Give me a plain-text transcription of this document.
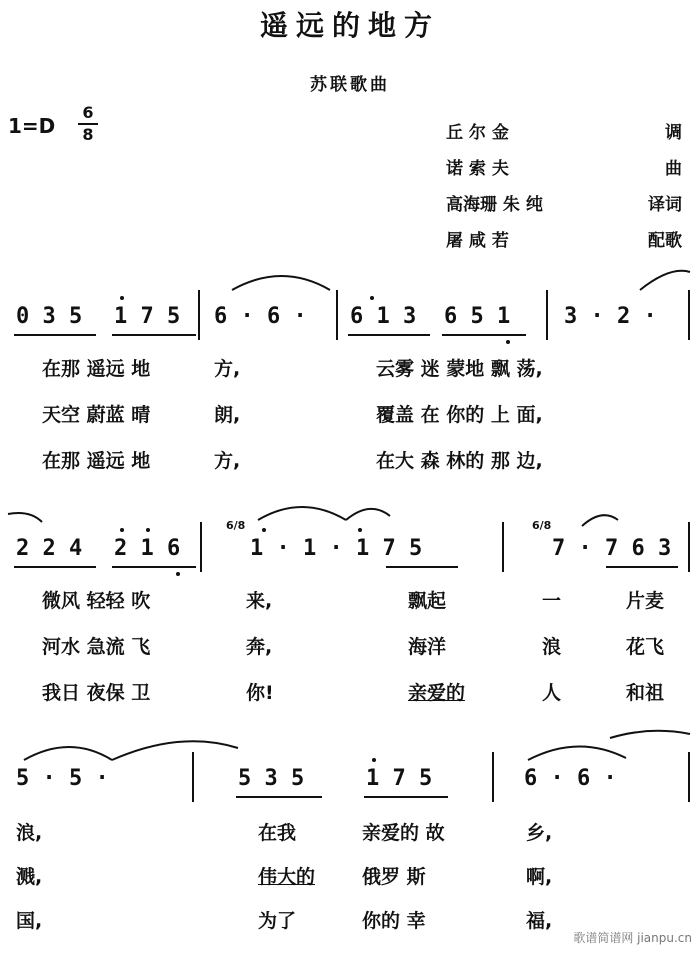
遥远的地方
苏联歌曲
1=D
6
8	丘 尔 金	调
诺 索 夫	曲
高海珊 朱 纯	译词
屠 咸 若	配歌
0 3 5 1 7 5 6 · 6 · 6 1 3 6 5 1 3 · 2 ·
在那 遥远 地	方,	云雾 迷 蒙地 飘 荡,
天空 蔚蓝 晴	朗,	覆盖 在 你的 上 面,
在那 遥远 地	方,	在大 森 林的 那 边,
6/8	6/8
2 2 4 2 1 6	1 · 1 · 1 7 5	7 · 7 6 3
微风 轻轻 吹	来,	飘起	一	片麦
河水 急流 飞	奔,	海洋	浪	花飞
我日 夜保 卫	你!	亲爱的	人	和祖
5 · 5 ·	5 3 5	1 7 5	6 · 6 ·
浪,	在我	亲爱的 故	乡,
溅,	伟大的 俄罗 斯	啊,
国,	为了	你的 幸	福,
歌谱简谱网 jianpu.cn
